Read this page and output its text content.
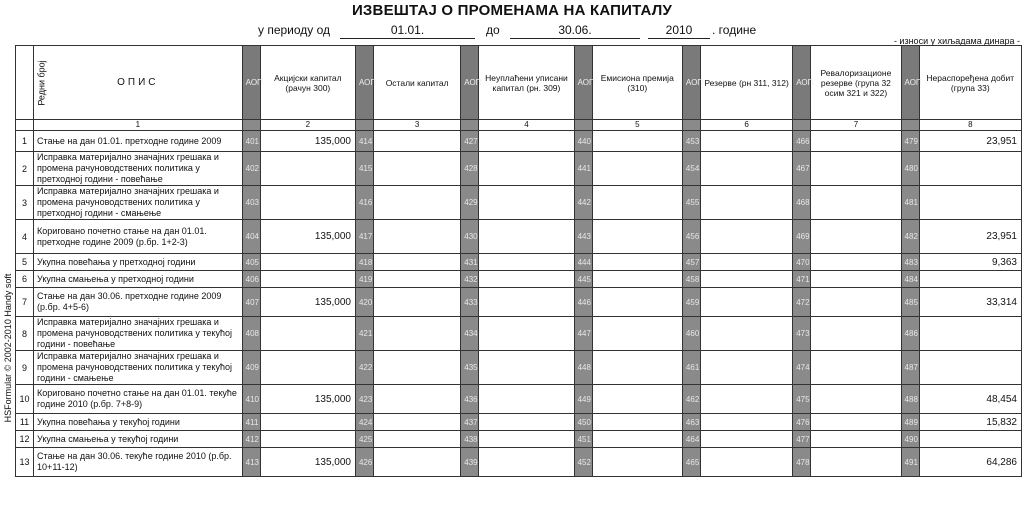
ИЗВЕШТАЈ О ПРОМЕНАМА НА КАПИТАЛУ
у периоду од	01.01.	до	30.06.	2010	. године
- износи у хиљадама динара -
HSFormular © 2002-2010 Handy soft
Редни број	ОПИС	АОП	Акцијски капитал (рачун 300)	АОП	Остали капитал	АОП	Неуплаћени уписани капитал (рн. 309)	АОП	Емисиона премија (310)	АОП	Резерве (рн 311, 312)	АОП	Ревалоризационе резерве (група 32 осим 321 и 322)	АОП	Нераспоређена добит (група 33)
	1		2		3		4		5		6		7		8
1	Стање на дан 01.01. претходне године 2009	401	135,000	414		427		440		453		466		479	23,951
2	Исправка материјално значајних грешака и промена рачуноводствених политика у претходној години - повећање	402		415		428		441		454		467		480	
3	Исправка материјално значајних грешака и промена рачуноводствених политика у претходној години - смањење	403		416		429		442		455		468		481	
4	Кориговано почетно стање на дан 01.01. претходне године 2009 (р.бр. 1+2-3)	404	135,000	417		430		443		456		469		482	23,951
5	Укупна повећања у претходној години	405		418		431		444		457		470		483	9,363
6	Укупна смањења у претходној години	406		419		432		445		458		471		484	
7	Стање на дан 30.06. претходне године 2009 (р.бр. 4+5-6)	407	135,000	420		433		446		459		472		485	33,314
8	Исправка материјално значајних грешака и промена рачуноводствених политика у текућој години - повећање	408		421		434		447		460		473		486	
9	Исправка материјално значајних грешака и промена рачуноводствених политика у текућој години - смањење	409		422		435		448		461		474		487	
10	Кориговано почетно стање на дан 01.01. текуће године 2010 (р.бр. 7+8-9)	410	135,000	423		436		449		462		475		488	48,454
11	Укупна повећања у текућој години	411		424		437		450		463		476		489	15,832
12	Укупна смањења у текућој години	412		425		438		451		464		477		490	
13	Стање на дан 30.06. текуће године 2010 (р.бр. 10+11-12)	413	135,000	426		439		452		465		478		491	64,286
